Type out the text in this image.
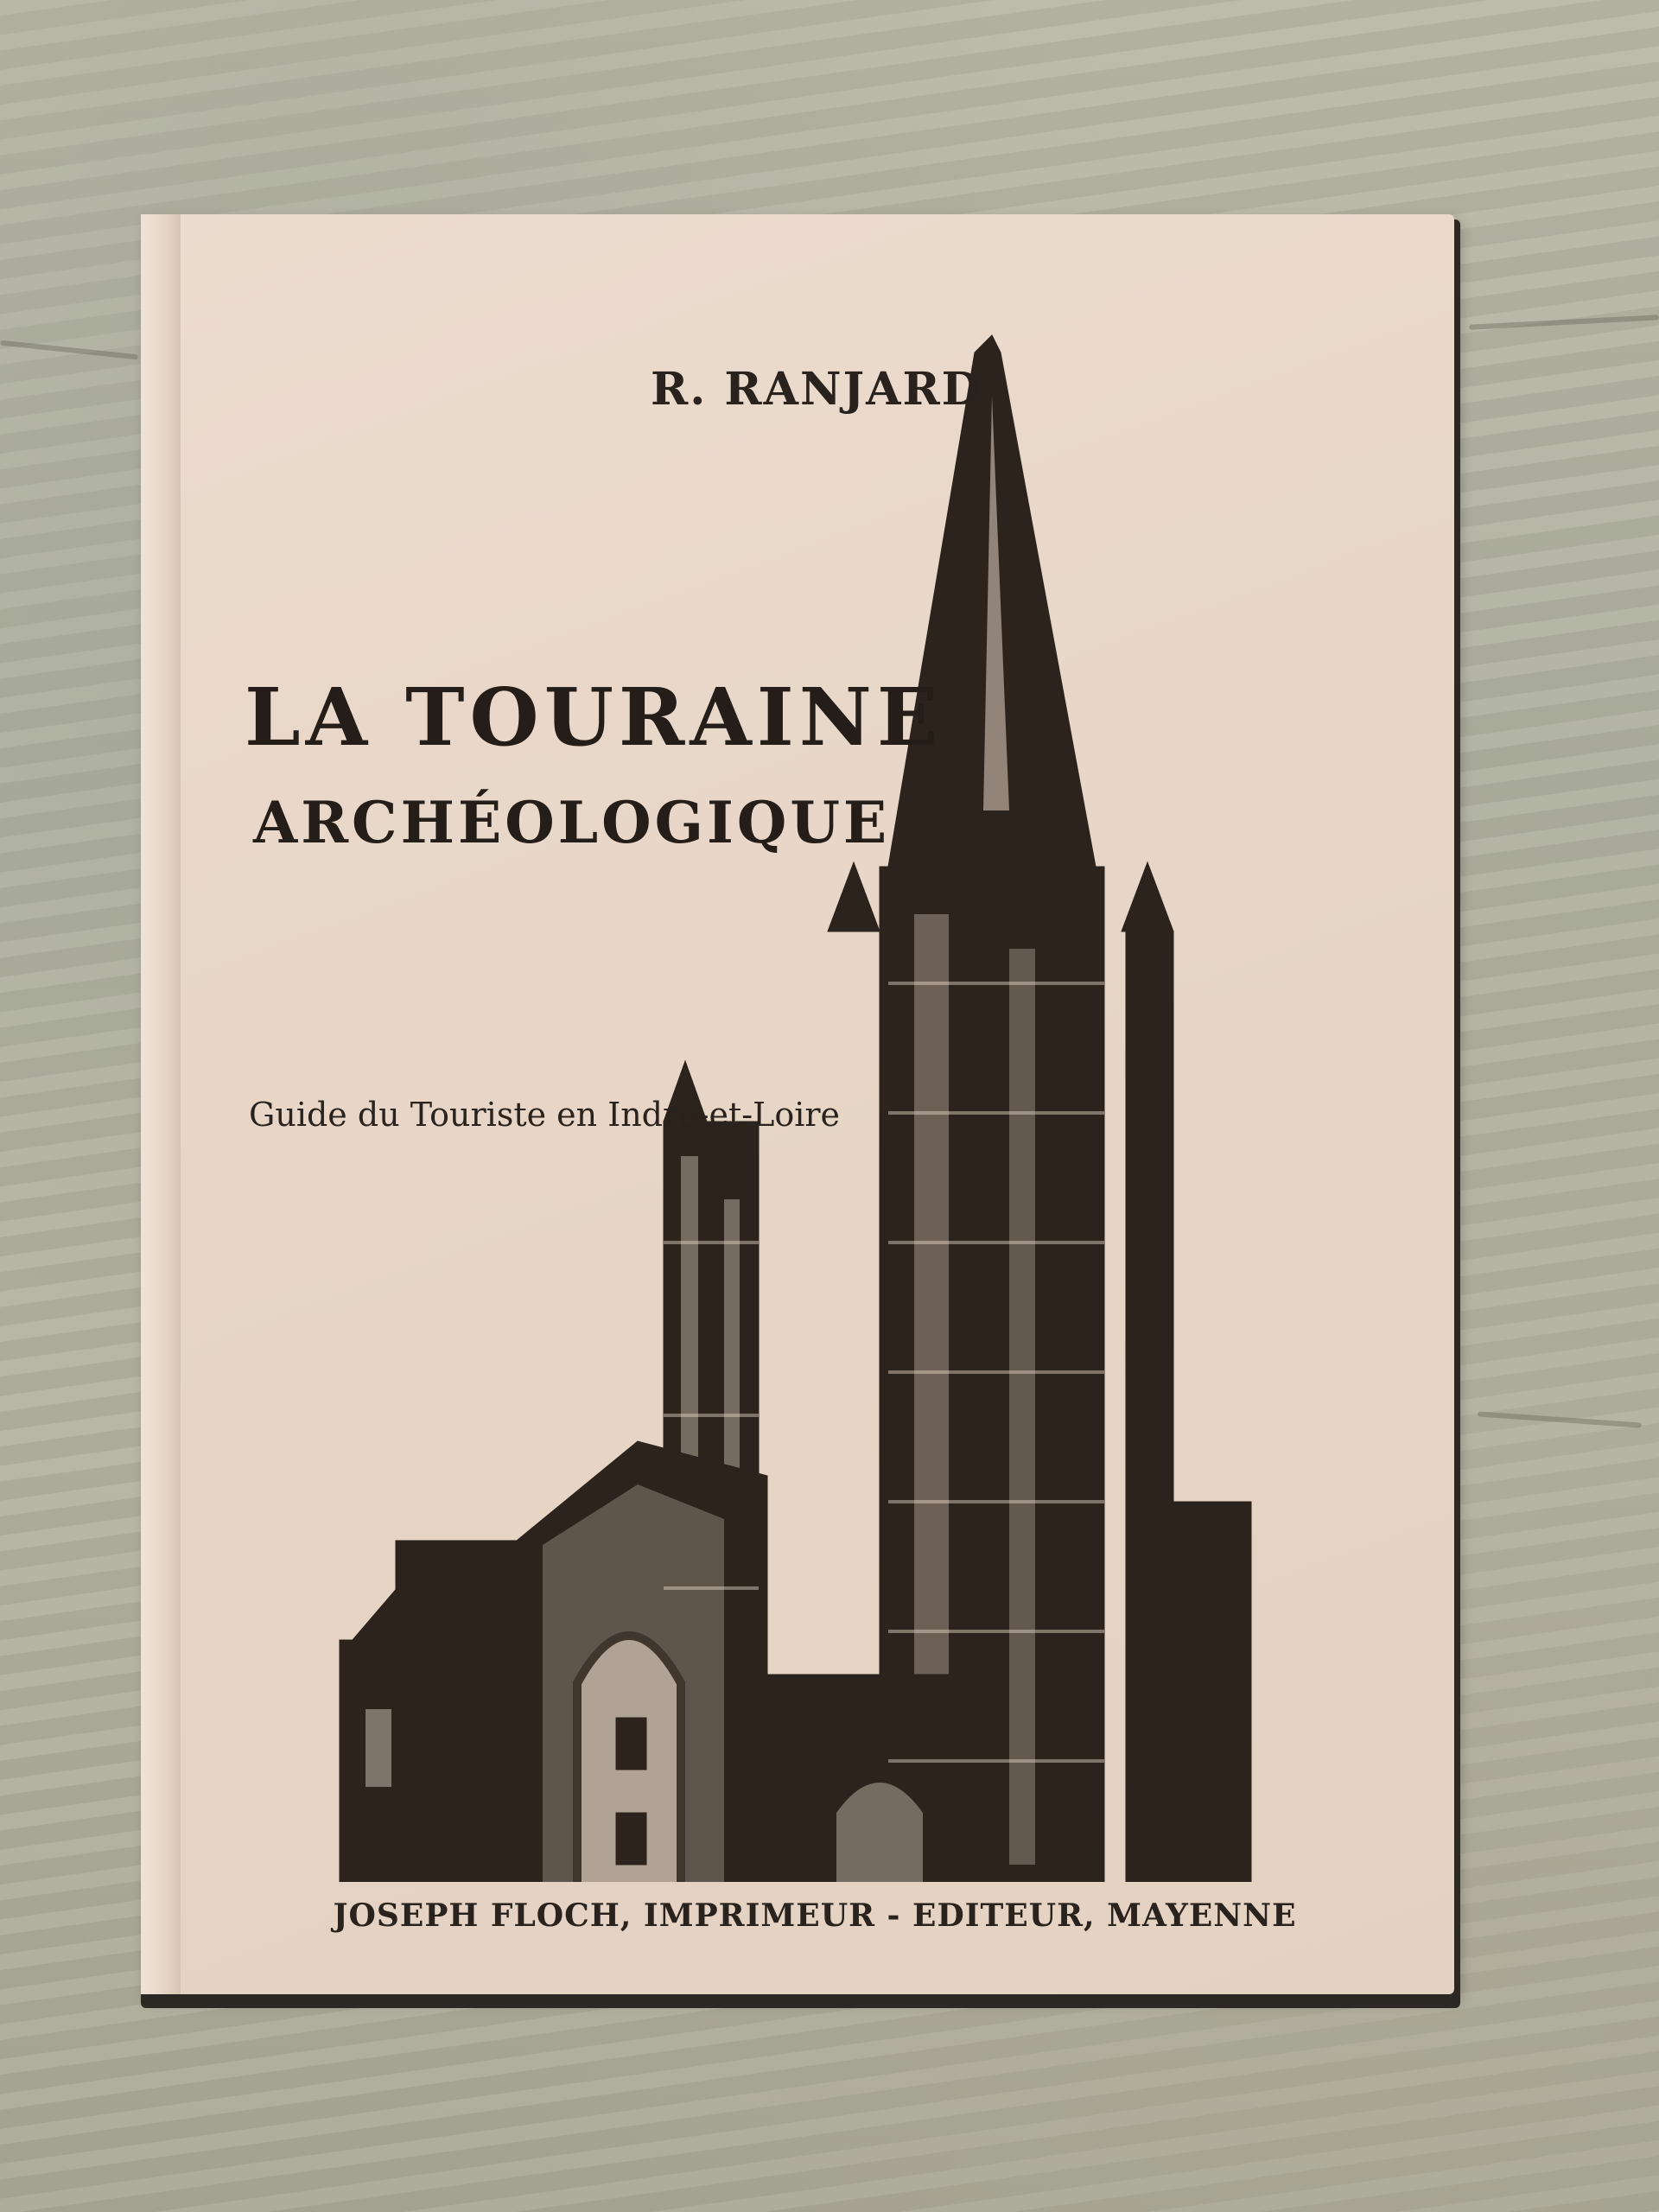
R. RANJARD
LA TOURAINE
ARCHÉOLOGIQUE
Guide du Touriste en Indre-et-Loire
JOSEPH FLOCH, IMPRIMEUR - EDITEUR, MAYENNE
